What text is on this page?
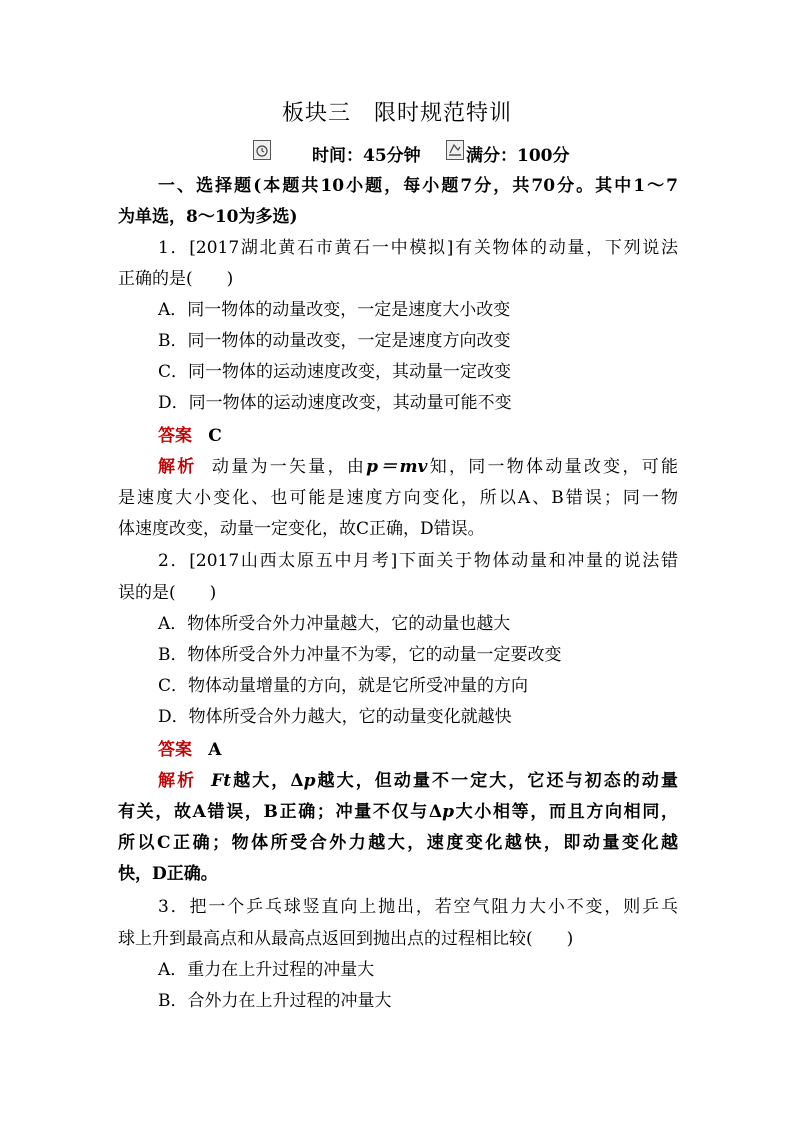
板块三　限时规范特训
时间：45分钟	满分：100分
一、选择题(本题共10小题，每小题7分，共70分。其中1～7
为单选，8～10为多选)
1．[2017湖北黄石市黄石一中模拟]有关物体的动量，下列说法
正确的是(　　)
A．同一物体的动量改变，一定是速度大小改变
B．同一物体的动量改变，一定是速度方向改变
C．同一物体的运动速度改变，其动量一定改变
D．同一物体的运动速度改变，其动量可能不变
答案 C
解析 动量为一矢量，由p＝mv知，同一物体动量改变，可能
是速度大小变化、也可能是速度方向变化，所以A、B错误；同一物
体速度改变，动量一定变化，故C正确，D错误。
2．[2017山西太原五中月考]下面关于物体动量和冲量的说法错
误的是(　　)
A．物体所受合外力冲量越大，它的动量也越大
B．物体所受合外力冲量不为零，它的动量一定要改变
C．物体动量增量的方向，就是它所受冲量的方向
D．物体所受合外力越大，它的动量变化就越快
答案 A
解析 Ft越大，Δp越大，但动量不一定大，它还与初态的动量
有关，故A错误，B正确；冲量不仅与Δp大小相等，而且方向相同，
所以C正确；物体所受合外力越大，速度变化越快，即动量变化越
快，D正确。
3．把一个乒乓球竖直向上抛出，若空气阻力大小不变，则乒乓
球上升到最高点和从最高点返回到抛出点的过程相比较(　　)
A．重力在上升过程的冲量大
B．合外力在上升过程的冲量大
